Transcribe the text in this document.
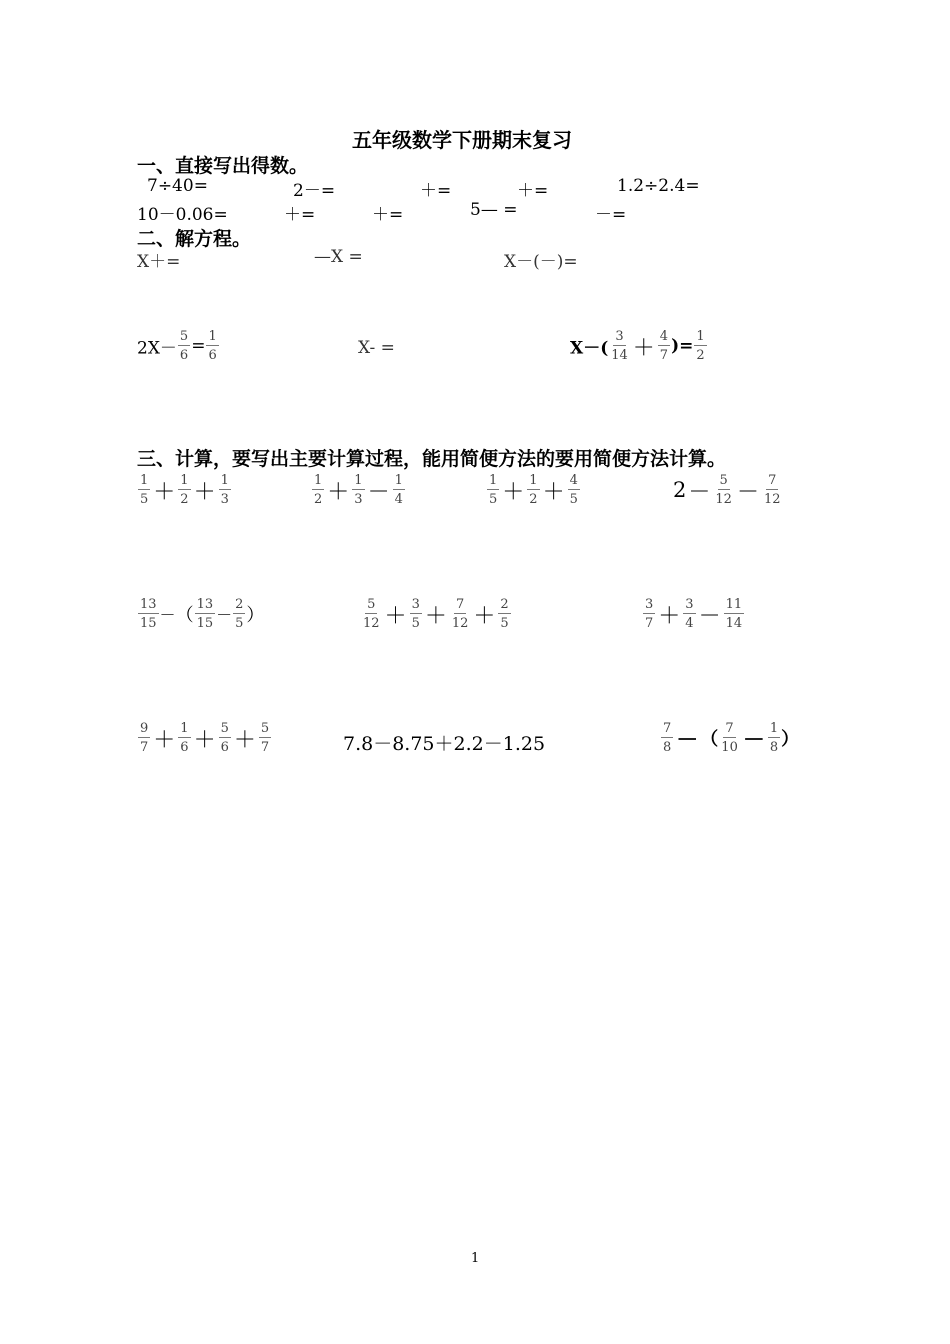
五年级数学下册期末复习
一、直接写出得数。
7÷40=	2－=	＋=	＋=	1.2÷2.4=
10－0.06=	＋=	＋=	5— =	－=
二、解方程。
X＋=	—X =	X－(－)=
$2X- \frac{5}{6} = \frac{1}{6}$	X- =	$X-( \frac{3}{14} + \frac{4}{7}$ )= $\frac{1}{2}$
三、计算，要写出主要计算过程，能用简便方法的要用简便方法计算。
$\frac{1}{5} + \frac{1}{2} + \frac{1}{3}$	$\frac{1}{2} + \frac{1}{3} - \frac{1}{4}$	$\frac{1}{5} + \frac{1}{2} + \frac{4}{5}$	$2- \frac{5}{12} - \frac{7}{12}$
$\frac{13}{15}$ －（ $\frac{13}{15} - \frac{2}{5}$ ）	$\frac{5}{12} + \frac{3}{5} + \frac{7}{12} + \frac{2}{5}$	$\frac{3}{7} + \frac{3}{4} - \frac{11}{14}$
$\frac{9}{7} + \frac{1}{6} + \frac{5}{6} + \frac{5}{7}$	7.8－8.75＋2.2－1.25	$\frac{7}{8}$ － （ $\frac{7}{10} - \frac{1}{8}$ ）
1
